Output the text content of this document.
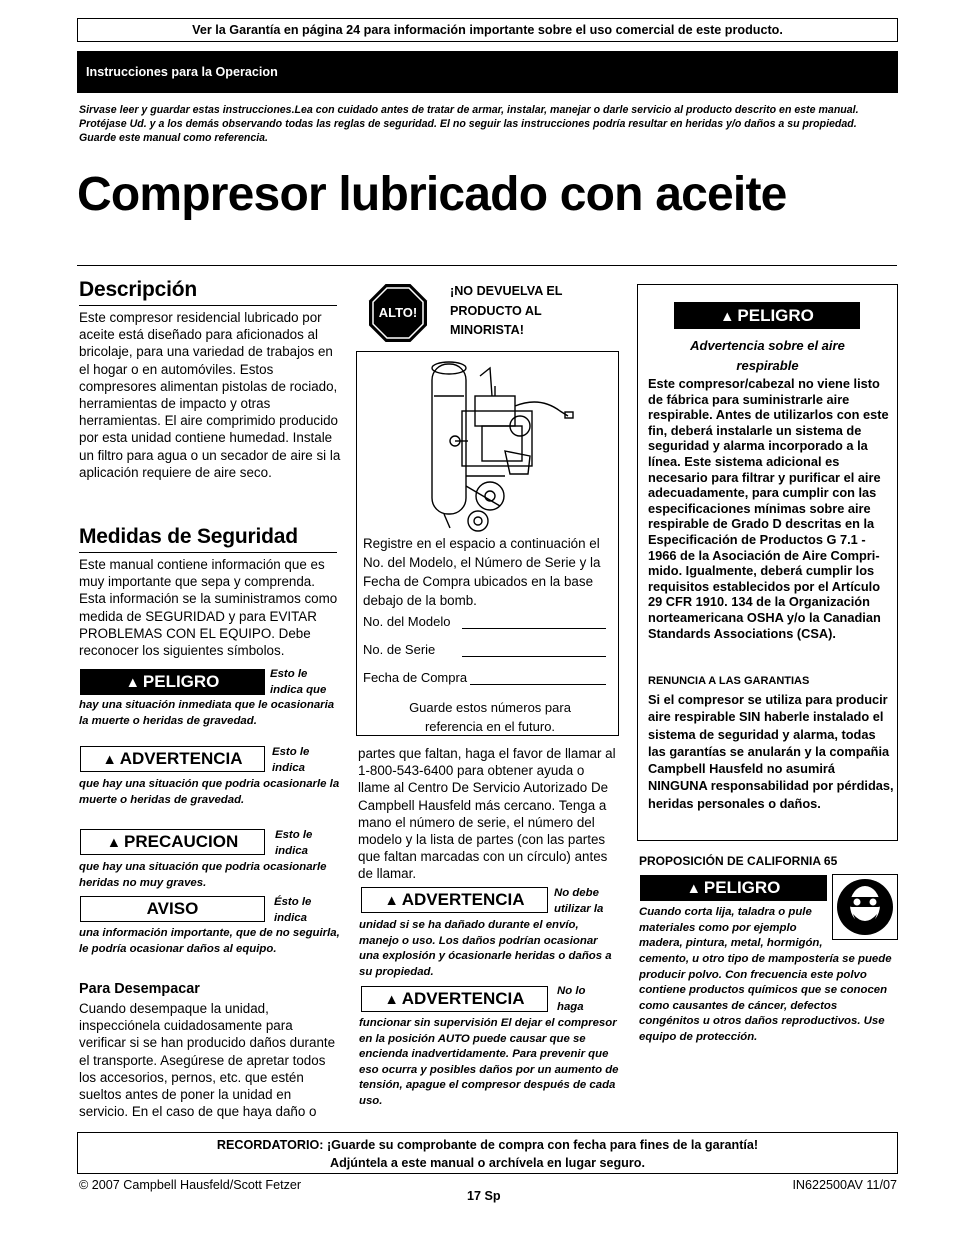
Ver la Garantía en página 24 para información importante sobre el uso comercial de este producto.
Instrucciones para la Operacion
Sirvase leer y guardar estas instrucciones.Lea con cuidado antes de tratar de armar, instalar, manejar o darle servicio al producto descrito en este manual. Protéjase Ud. y a los demás observando todas las reglas de seguridad. El no seguir las instrucciones podría resultar en heridas y/o daños a su propiedad. Guarde este manual como referencia.
Compresor lubricado con aceite
Descripción
Este compresor residencial lubricado por aceite está diseñado para aficionados al bricolaje, para una variedad de trabajos en el hogar o en automóviles. Estos compresores alimentan pistolas de rociado, herramientas de impacto y otras herramientas. El aire comprimido producido por esta unidad contiene humedad. Instale un filtro para agua o un secador de aire si la aplicación requiere de aire seco.
Medidas de Seguridad
Este manual contiene información que es muy importante que sepa y comprenda. Esta información se la suministramos como medida de SEGURIDAD y para EVITAR PROBLEMAS CON EL EQUIPO. Debe reconocer los siguientes símbolos.
▲ PELIGRO	Esto le indica que
hay una situación inmediata que le ocasionaria la muerte o heridas de gravedad.
▲ ADVERTENCIA	Esto le indica
que hay una situación que podria ocasionarle la muerte o heridas de gravedad.
▲ PRECAUCION	Esto le indica
que hay una situación que podria ocasionarle heridas no muy graves.
AVISO	Ésto le indica
una información importante, que de no seguirla, le podría ocasionar daños al equipo.
Para Desempacar
Cuando desempaque la unidad, inspecciónela cuidadosamente para verificar si se han producido daños durante el transporte. Asegúrese de apretar todos los accesorios, pernos, etc. que estén sueltos antes de poner la unidad en servicio. En el caso de que haya daño o
ALTO!
¡NO DEVUELVA EL PRODUCTO AL MINORISTA!
Registre en el espacio a continuación el No. del Modelo, el Número de Serie y la Fecha de Compra ubicados en la base debajo de la bomb.
No. del Modelo
No. de Serie
Fecha de Compra
Guarde estos números para referencia en el futuro.
partes que faltan, haga el favor de llamar al 1-800-543-6400 para obtener ayuda o llame al Centro De Servicio Autorizado De Campbell Hausfeld más cercano. Tenga a mano el número de serie, el número del modelo y la lista de partes (con las partes que faltan marcadas con un círculo) antes de llamar.
▲ ADVERTENCIA	No debe utilizar la
unidad si se ha dañado durante el envío, manejo o uso. Los daños podrían ocasionar una explosión y ócasionarle heridas o daños a su propiedad.
▲ ADVERTENCIA	No lo haga
funcionar sin supervisión El dejar el compresor en la posición AUTO puede causar que se encienda inadvertidamente. Para prevenir que eso ocurra y posibles daños por un aumento de tensión, apague el compresor después de cada uso.
▲ PELIGRO
Advertencia sobre el aire respirable
Este compresor/cabezal no viene listo de fábrica para suministrarle aire respirable. Antes de utilizarlos con este fin, deberá instalarle un sistema de seguridad y alarma incorporado a la línea. Este sistema adicional es necesario para filtrar y purificar el aire adecuadamente, para cumplir con las especificaciones mínimas sobre aire respirable de Grado D descritas en la Especificación de Productos G 7.1 - 1966 de la Asociación de Aire Compri-mido. Igualmente, deberá cumplir los requisitos establecidos por el Artículo 29 CFR 1910. 134 de la Organización norteamericana OSHA y/o la Canadian Standards Associations (CSA).
RENUNCIA A LAS GARANTIAS
Si el compresor se utiliza para producir aire respirable SIN haberle instalado el sistema de seguridad y alarma, todas las garantías se anularán y la compañia Campbell Hausfeld no asumirá NINGUNA responsabilidad por pérdidas, heridas personales o daños.
PROPOSICIÓN DE CALIFORNIA 65
▲ PELIGRO
Cuando corta lija, taladra o pule materiales como por ejemplo madera, pintura, metal, hormigón,
cemento, u otro tipo de mampostería se puede producir polvo. Con frecuencia este polvo contiene productos químicos que se conocen como causantes de cáncer, defectos congénitos u otros daños reproductivos. Use equipo de protección.
RECORDATORIO: ¡Guarde su comprobante de compra con fecha para fines de la garantía!
Adjúntela a este manual o archívela en lugar seguro.
© 2007 Campbell Hausfeld/Scott Fetzer
17 Sp
IN622500AV 11/07
